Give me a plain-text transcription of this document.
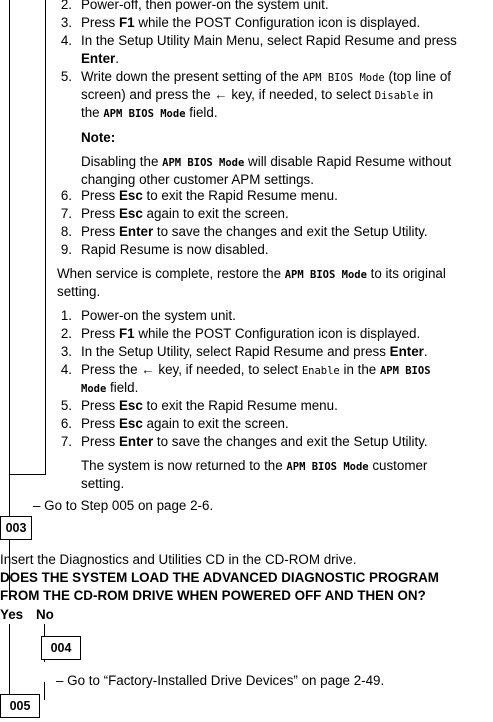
2. Power-off, then power-on the system unit.
3. Press F1 while the POST Configuration icon is displayed.
4. In the Setup Utility Main Menu, select Rapid Resume and press
Enter.
5. Write down the present setting of the APM BIOS Mode (top line of
screen) and press the ← key, if needed, to select Disable in
the APM BIOS Mode field.
Note:
Disabling the APM BIOS Mode will disable Rapid Resume without
changing other customer APM settings.
6. Press Esc to exit the Rapid Resume menu.
7. Press Esc again to exit the screen.
8. Press Enter to save the changes and exit the Setup Utility.
9. Rapid Resume is now disabled.
When service is complete, restore the APM BIOS Mode to its original
setting.
1. Power-on the system unit.
2. Press F1 while the POST Configuration icon is displayed.
3. In the Setup Utility, select Rapid Resume and press Enter.
4. Press the ← key, if needed, to select Enable in the APM BIOS
Mode field.
5. Press Esc to exit the Rapid Resume menu.
6. Press Esc again to exit the screen.
7. Press Enter to save the changes and exit the Setup Utility.
The system is now returned to the APM BIOS Mode customer
setting.
– Go to Step 005 on page 2-6.
003
Insert the Diagnostics and Utilities CD in the CD-ROM drive.
DOES THE SYSTEM LOAD THE ADVANCED DIAGNOSTIC PROGRAM
FROM THE CD-ROM DRIVE WHEN POWERED OFF AND THEN ON?
Yes No
004
– Go to “Factory-Installed Drive Devices” on page 2-49.
005
